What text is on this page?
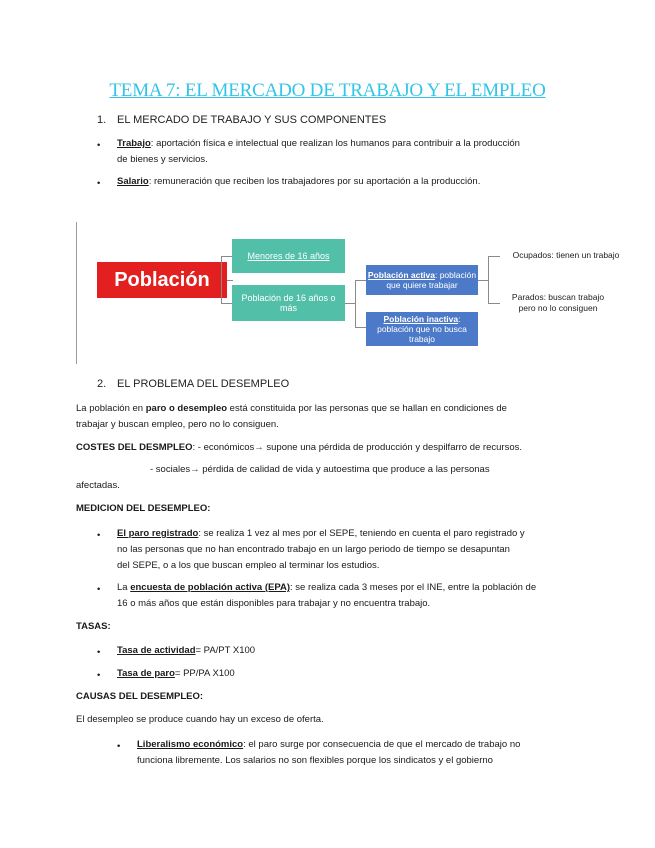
TEMA 7: EL MERCADO DE TRABAJO Y EL EMPLEO
1. EL MERCADO DE TRABAJO Y SUS COMPONENTES
• Trabajo: aportación física e intelectual que realizan los humanos para contribuir a la producción
de bienes y servicios.
• Salario: remuneración que reciben los trabajadores por su aportación a la producción.
Población
Menores de 16 años
Población de 16 años o más
Población activa: población
que quiere trabajar
Población inactiva:
población que no busca
trabajo
Ocupados: tienen un trabajo
Parados: buscan trabajo
pero no lo consiguen
2. EL PROBLEMA DEL DESEMPLEO
La población en paro o desempleo está constituida por las personas que se hallan en condiciones de
trabajar y buscan empleo, pero no lo consiguen.
COSTES DEL DESMPLEO: - económicos→ supone una pérdida de producción y despilfarro de recursos.
- sociales→ pérdida de calidad de vida y autoestima que produce a las personas
afectadas.
MEDICION DEL DESEMPLEO:
• El paro registrado: se realiza 1 vez al mes por el SEPE, teniendo en cuenta el paro registrado y
no las personas que no han encontrado trabajo en un largo periodo de tiempo se desapuntan
del SEPE, o a los que buscan empleo al terminar los estudios.
• La encuesta de población activa (EPA): se realiza cada 3 meses por el INE, entre la población de
16 o más años que están disponibles para trabajar y no encuentra trabajo.
TASAS:
• Tasa de actividad= PA/PT X100
• Tasa de paro= PP/PA X100
CAUSAS DEL DESEMPLEO:
El desempleo se produce cuando hay un exceso de oferta.
• Liberalismo económico: el paro surge por consecuencia de que el mercado de trabajo no
funciona libremente. Los salarios no son flexibles porque los sindicatos y el gobierno
